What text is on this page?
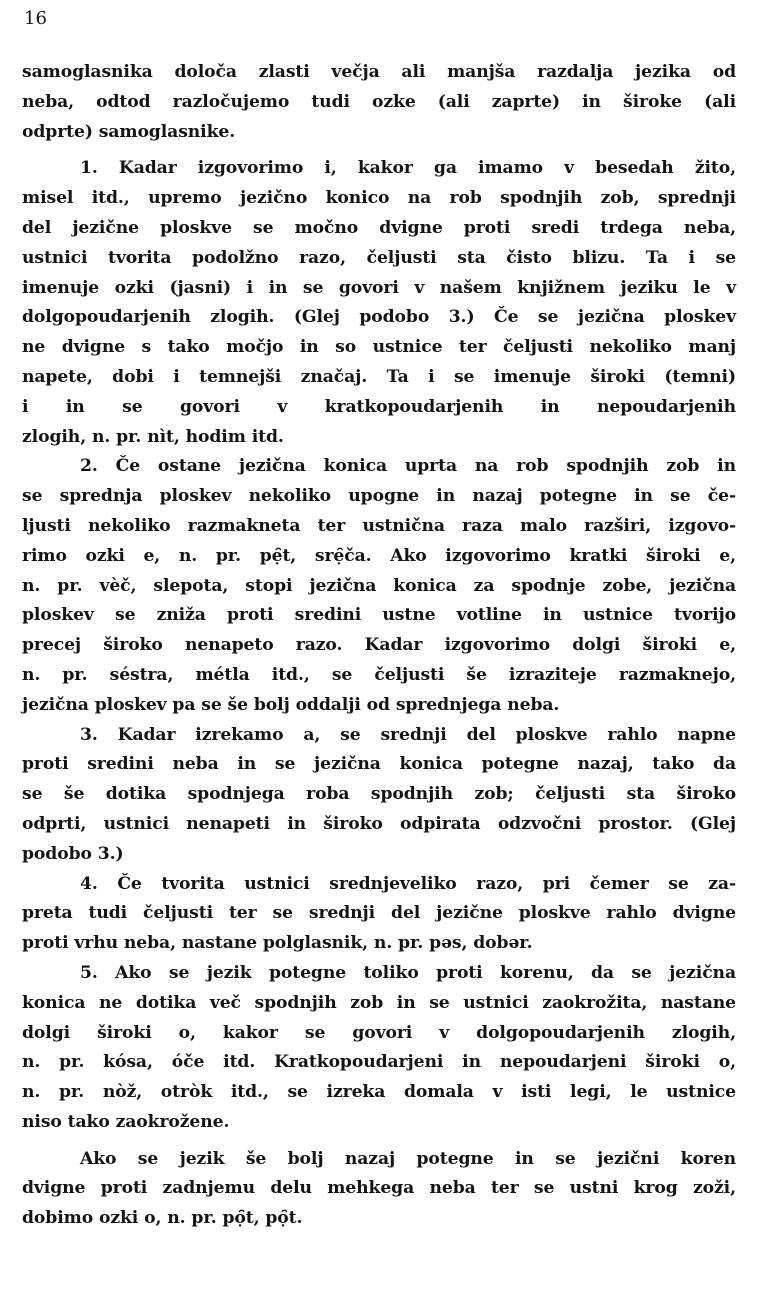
16
samoglasnika določa zlasti večja ali manjša razdalja jezika od
neba, odtod razločujemo tudi ozke (ali zaprte) in široke (ali
odprte) samoglasnike.
1. Kadar izgovorimo i, kakor ga imamo v besedah žito,
misel itd., upremo jezično konico na rob spodnjih zob, sprednji
del jezične ploskve se močno dvigne proti sredi trdega neba,
ustnici tvorita podolžno razo, čeljusti sta čisto blizu. Ta i se
imenuje ozki (jasni) i in se govori v našem knjižnem jeziku le v
dolgopoudarjenih zlogih. (Glej podobo 3.) Če se jezična ploskev
ne dvigne s tako močjo in so ustnice ter čeljusti nekoliko manj
napete, dobi i temnejši značaj. Ta i se imenuje široki (temni)
i in se govori v kratkopoudarjenih in nepoudarjenih
zlogih, n. pr. nìt, hodim itd.
2. Če ostane jezična konica uprta na rob spodnjih zob in
se sprednja ploskev nekoliko upogne in nazaj potegne in se če-
ljusti nekoliko razmakneta ter ustnična raza malo razširi, izgovo-
rimo ozki e, n. pr. pẹ̑t, srẹ̑ča. Ako izgovorimo kratki široki e,
n. pr. vèč, slepota, stopi jezična konica za spodnje zobe, jezična
ploskev se zniža proti sredini ustne votline in ustnice tvorijo
precej široko nenapeto razo. Kadar izgovorimo dolgi široki e,
n. pr. séstra, métla itd., se čeljusti še izraziteje razmaknejo,
jezična ploskev pa se še bolj oddalji od sprednjega neba.
3. Kadar izrekamo a, se srednji del ploskve rahlo napne
proti sredini neba in se jezična konica potegne nazaj, tako da
se še dotika spodnjega roba spodnjih zob; čeljusti sta široko
odprti, ustnici nenapeti in široko odpirata odzvočni prostor. (Glej
podobo 3.)
4. Če tvorita ustnici srednjeveliko razo, pri čemer se za-
preta tudi čeljusti ter se srednji del jezične ploskve rahlo dvigne
proti vrhu neba, nastane polglasnik, n. pr. pəs, dobər.
5. Ako se jezik potegne toliko proti korenu, da se jezična
konica ne dotika več spodnjih zob in se ustnici zaokrožita, nastane
dolgi široki o, kakor se govori v dolgopoudarjenih zlogih,
n. pr. kósa, óče itd. Kratkopoudarjeni in nepoudarjeni široki o,
n. pr. nòž, otròk itd., se izreka domala v isti legi, le ustnice
niso tako zaokrožene.
Ako se jezik še bolj nazaj potegne in se jezični koren
dvigne proti zadnjemu delu mehkega neba ter se ustni krog zoži,
dobimo ozki o, n. pr. pọ̑t, pọ̑t.
